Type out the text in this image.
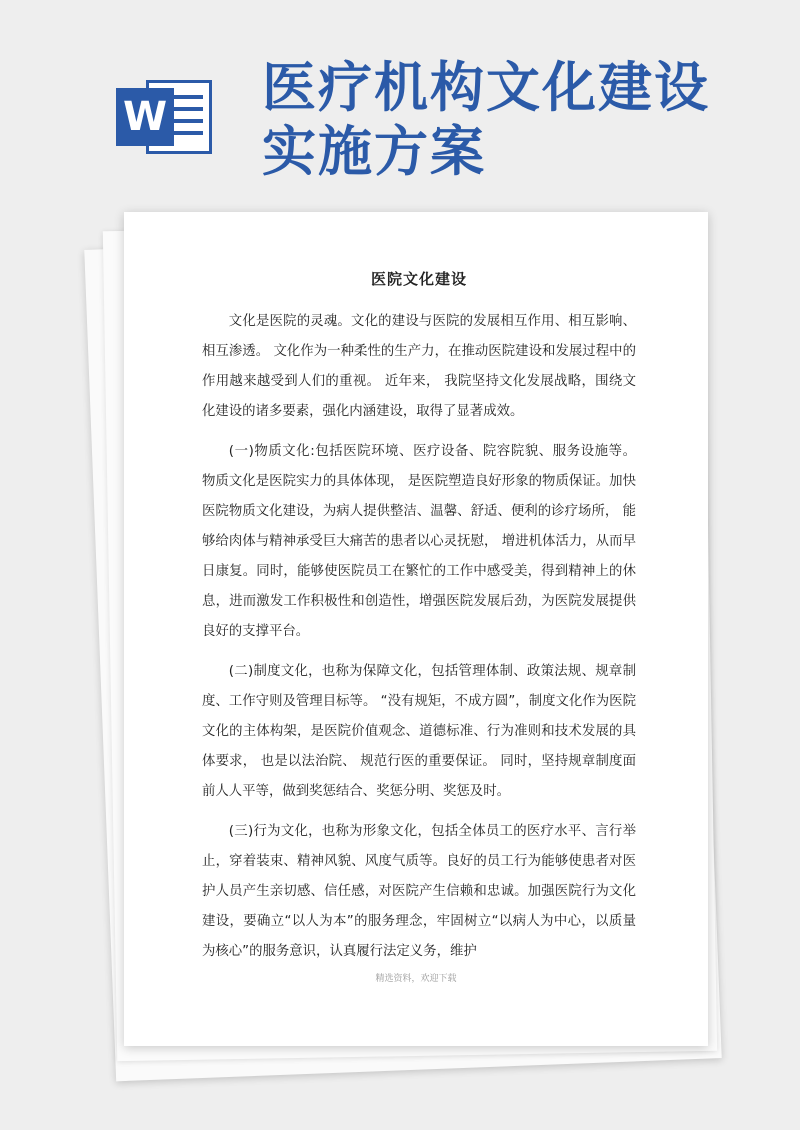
W 医疗机构文化建设实施方案
医院文化建设

文化是医院的灵魂。文化的建设与医院的发展相互作用、相互影响、相互渗透。 文化作为一种柔性的生产力，在推动医院建设和发展过程中的作用越来越受到人们的重视。 近年来， 我院坚持文化发展战略，围绕文化建设的诸多要素，强化内涵建设，取得了显著成效。

(一)物质文化:包括医院环境、医疗设备、院容院貌、服务设施等。 物质文化是医院实力的具体体现， 是医院塑造良好形象的物质保证。加快医院物质文化建设，为病人提供整洁、温馨、舒适、便利的诊疗场所， 能够给肉体与精神承受巨大痛苦的患者以心灵抚慰， 增进机体活力，从而早日康复。同时，能够使医院员工在繁忙的工作中感受美，得到精神上的休息，进而激发工作积极性和创造性，增强医院发展后劲，为医院发展提供良好的支撑平台。

(二)制度文化，也称为保障文化，包括管理体制、政策法规、规章制度、工作守则及管理目标等。 “没有规矩，不成方圆”，制度文化作为医院文化的主体构架，是医院价值观念、道德标准、行为准则和技术发展的具体要求， 也是以法治院、 规范行医的重要保证。 同时，坚持规章制度面前人人平等，做到奖惩结合、奖惩分明、奖惩及时。

(三)行为文化，也称为形象文化，包括全体员工的医疗水平、言行举止，穿着装束、精神风貌、风度气质等。良好的员工行为能够使患者对医护人员产生亲切感、信任感，对医院产生信赖和忠诚。加强医院行为文化建设，要确立“以人为本”的服务理念，牢固树立“以病人为中心，以质量为核心”的服务意识，认真履行法定义务，维护

精选资料，欢迎下载
